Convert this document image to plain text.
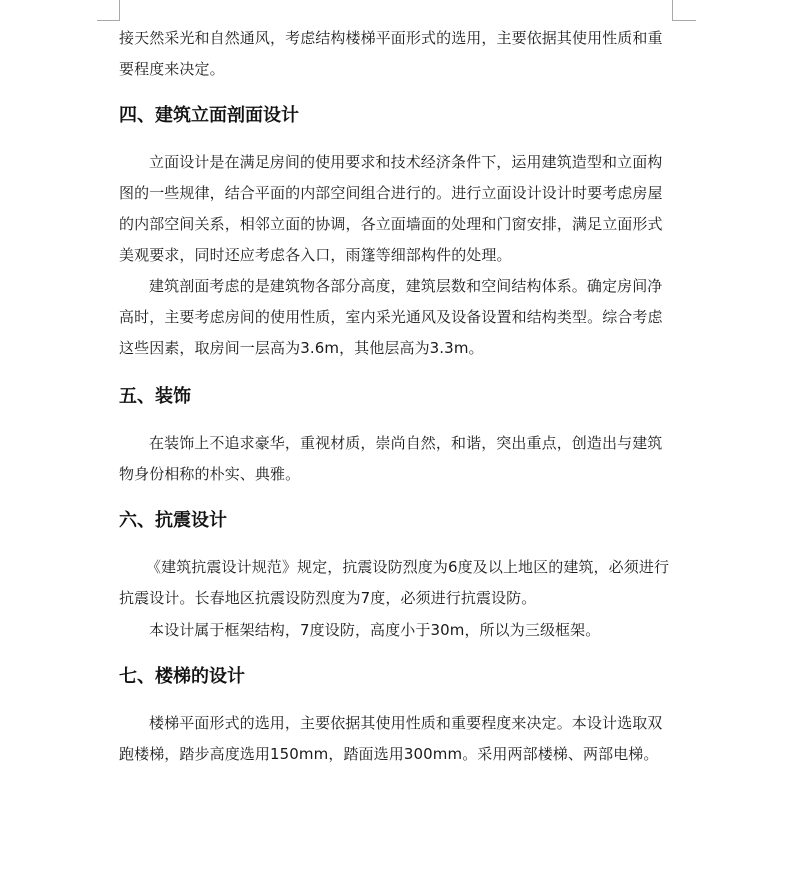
接天然采光和自然通风，考虑结构楼梯平面形式的选用，主要依据其使用性质和重要程度来决定。
四、建筑立面剖面设计
立面设计是在满足房间的使用要求和技术经济条件下，运用建筑造型和立面构图的一些规律，结合平面的内部空间组合进行的。进行立面设计设计时要考虑房屋的内部空间关系，相邻立面的协调，各立面墙面的处理和门窗安排，满足立面形式美观要求，同时还应考虑各入口，雨篷等细部构件的处理。
建筑剖面考虑的是建筑物各部分高度，建筑层数和空间结构体系。确定房间净高时，主要考虑房间的使用性质，室内采光通风及设备设置和结构类型。综合考虑这些因素，取房间一层高为3.6m，其他层高为3.3m。
五、装饰
在装饰上不追求豪华，重视材质，崇尚自然，和谐，突出重点，创造出与建筑物身份相称的朴实、典雅。
六、抗震设计
《建筑抗震设计规范》规定，抗震设防烈度为6度及以上地区的建筑，必须进行抗震设计。长春地区抗震设防烈度为7度，必须进行抗震设防。
本设计属于框架结构，7度设防，高度小于30m，所以为三级框架。
七、楼梯的设计
楼梯平面形式的选用，主要依据其使用性质和重要程度来决定。本设计选取双跑楼梯，踏步高度选用150mm，踏面选用300mm。采用两部楼梯、两部电梯。
